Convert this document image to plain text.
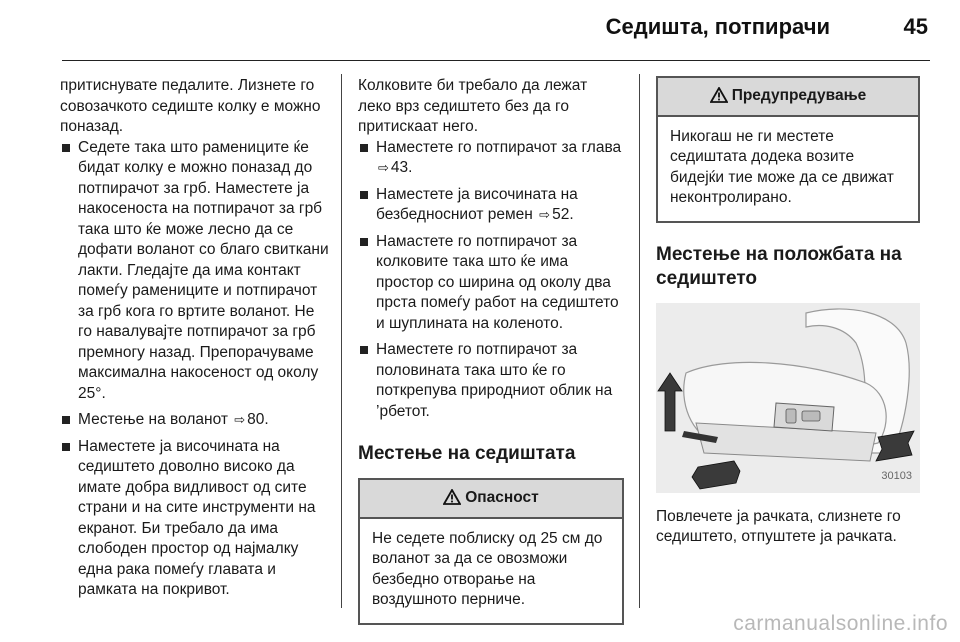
Седишта, потпирачи	45

притиснувате педалите. Лизнете го совозачкото седиште колку е можно поназад.

Седете така што рамениците ќе бидат колку е можно поназад до потпирачот за грб. Наместете ја накосеноста на потпирачот за грб така што ќе може лесно да се дофати воланот со благо свиткани лакти. Гледајте да има контакт помеѓу рамениците и потпирачот за грб кога го вртите воланот. Не го навалувајте потпирачот за грб премногу назад. Препорачуваме максимална накосеност од околу 25°.
Местење на воланот ⇨ 80.
Наместете ја височината на седиштето доволно високо да имате добра видливост од сите страни и на сите инструменти на екранот. Би требало да има слободен простор од најмалку една рака помеѓу главата и рамката на покривот.

Колковите би требало да лежат леко врз седиштето без да го притискаат него.

Наместете го потпирачот за глава ⇨ 43.
Наместете ја височината на безбедносниот ремен ⇨ 52.
Намастете го потпирачот за колковите така што ќе има простор со ширина од околу два прста помеѓу работ на седиштето и шуплината на коленото.
Наместете го потпирачот за половината така што ќе го поткрепува природниот облик на ’рбетот.
Местење на седиштата
Опасност
Не седете поблиску од 25 см до воланот за да се овозможи безбедно отворање на воздушното перниче.
Предупредување
Никогаш не ги местете седиштата додека возите бидејќи тие може да се движат неконтролирано.
Местење на положбата на седиштето
30103

Повлечете ја рачката, слизнете го седиштето, отпуштете ја рачката.

carmanualsonline.info
